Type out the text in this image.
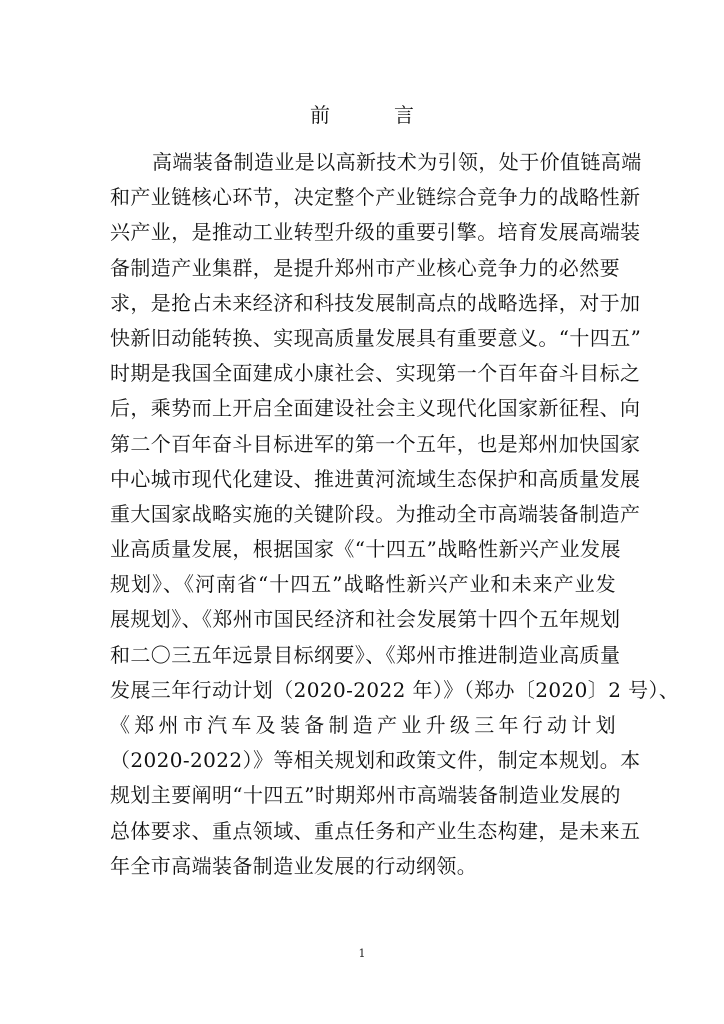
前　言
高端装备制造业是以高新技术为引领，处于价值链高端
和产业链核心环节，决定整个产业链综合竞争力的战略性新
兴产业，是推动工业转型升级的重要引擎。培育发展高端装
备制造产业集群，是提升郑州市产业核心竞争力的必然要
求，是抢占未来经济和科技发展制高点的战略选择，对于加
快新旧动能转换、实现高质量发展具有重要意义。“十四五”
时期是我国全面建成小康社会、实现第一个百年奋斗目标之
后，乘势而上开启全面建设社会主义现代化国家新征程、向
第二个百年奋斗目标进军的第一个五年，也是郑州加快国家
中心城市现代化建设、推进黄河流域生态保护和高质量发展
重大国家战略实施的关键阶段。为推动全市高端装备制造产
业高质量发展，根据国家《“十四五”战略性新兴产业发展
规划》、《河南省“十四五”战略性新兴产业和未来产业发
展规划》、《郑州市国民经济和社会发展第十四个五年规划
和二〇三五年远景目标纲要》、《郑州市推进制造业高质量
发展三年行动计划（2020-2022 年）》（郑办〔2020〕2 号）、
《郑州市汽车及装备制造产业升级三年行动计划
（2020-2022）》等相关规划和政策文件，制定本规划。本
规划主要阐明“十四五”时期郑州市高端装备制造业发展的
总体要求、重点领域、重点任务和产业生态构建，是未来五
年全市高端装备制造业发展的行动纲领。
1
